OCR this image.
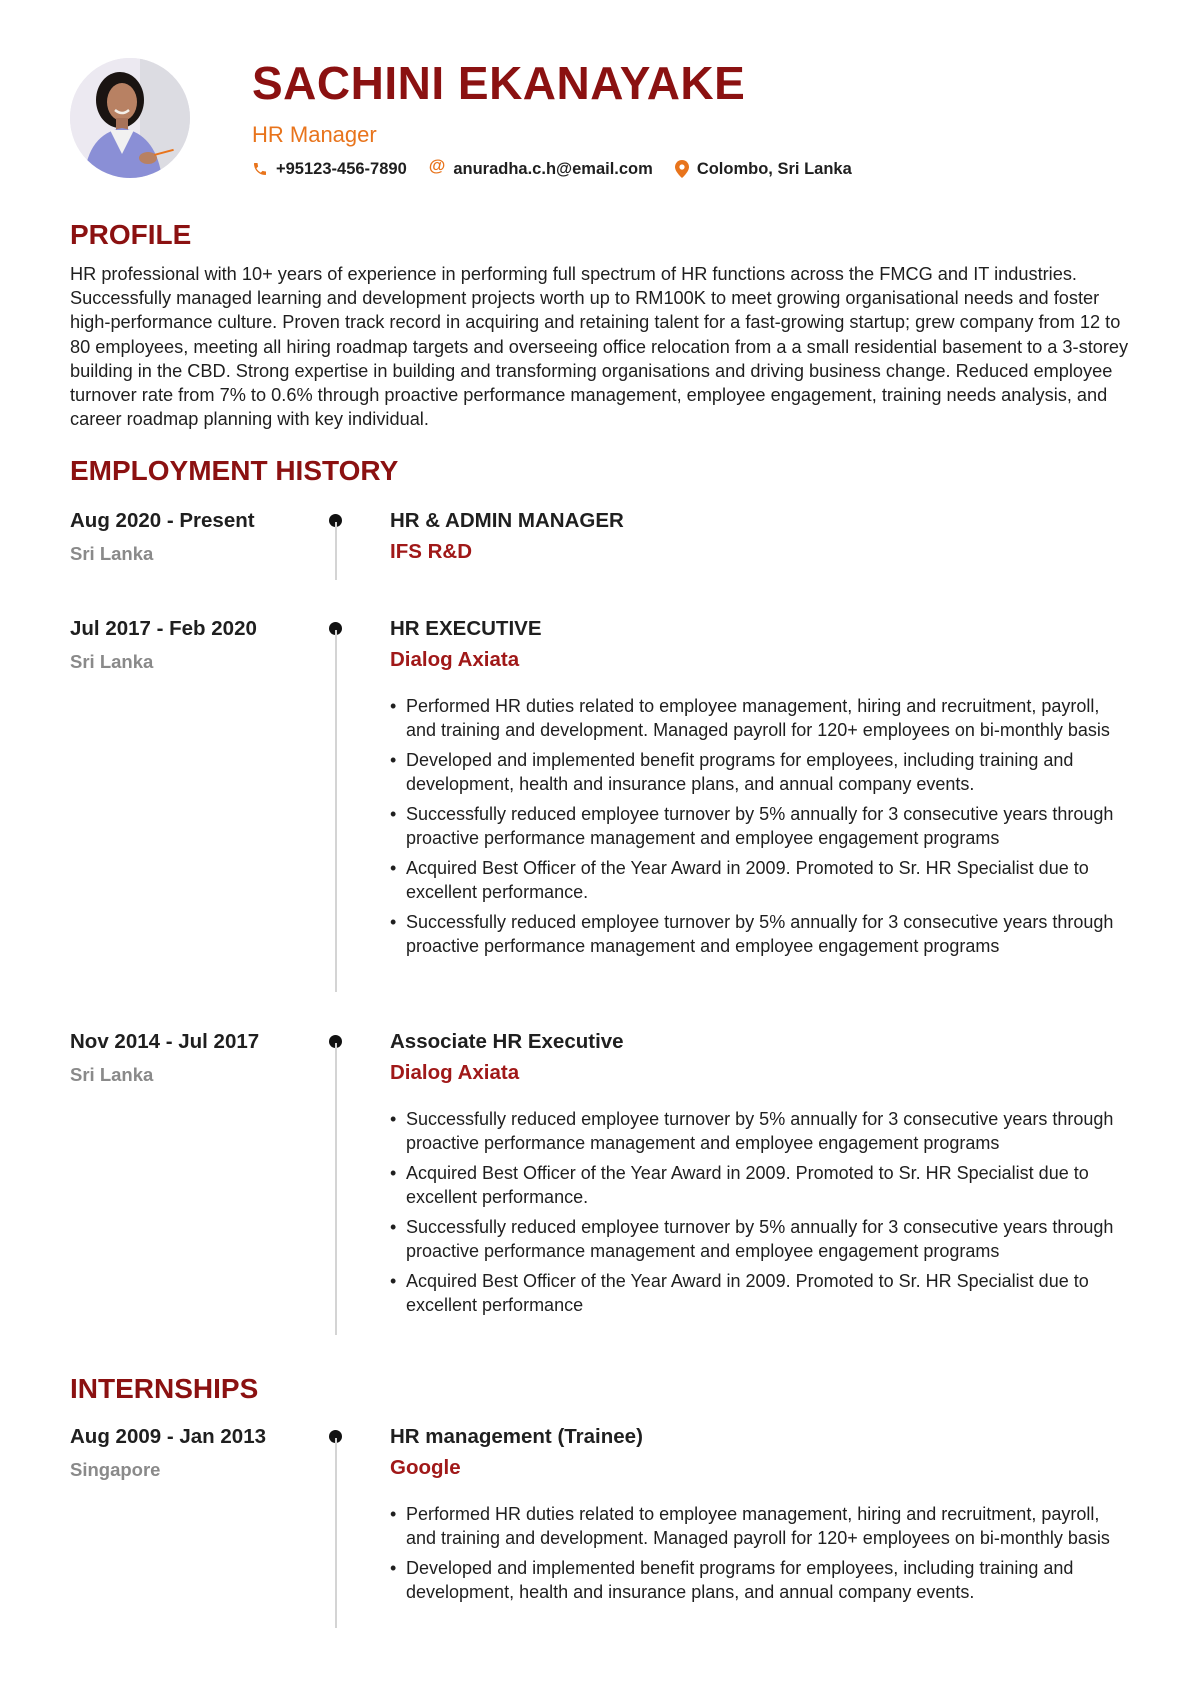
SACHINI EKANAYAKE

HR Manager

+95123-456-7890 @ anuradha.c.h@email.com	Colombo, Sri Lanka
PROFILE

HR professional with 10+ years of experience in performing full spectrum of HR functions across the FMCG and IT industries. Successfully managed learning and development projects worth up to RM100K to meet growing organisational needs and foster high-performance culture. Proven track record in acquiring and retaining talent for a fast-growing startup; grew company from 12 to 80 employees, meeting all hiring roadmap targets and overseeing office relocation from a a small residential basement to a 3-storey building in the CBD. Strong expertise in building and transforming organisations and driving business change. Reduced employee turnover rate from 7% to 0.6% through proactive performance management, employee engagement, training needs analysis, and career roadmap planning with key individual.

EMPLOYMENT HISTORY
Aug 2020 - Present
Sri Lanka
HR & ADMIN MANAGER
IFS R&D
Jul 2017 - Feb 2020
Sri Lanka
HR EXECUTIVE
Dialog Axiata
• Performed HR duties related to employee management, hiring and recruitment, payroll, and training and development. Managed payroll for 120+ employees on bi-monthly basis
• Developed and implemented benefit programs for employees, including training and development, health and insurance plans, and annual company events.
• Successfully reduced employee turnover by 5% annually for 3 consecutive years through proactive performance management and employee engagement programs
• Acquired Best Officer of the Year Award in 2009. Promoted to Sr. HR Specialist due to excellent performance.
• Successfully reduced employee turnover by 5% annually for 3 consecutive years through proactive performance management and employee engagement programs
Nov 2014 - Jul 2017
Sri Lanka
Associate HR Executive
Dialog Axiata
• Successfully reduced employee turnover by 5% annually for 3 consecutive years through proactive performance management and employee engagement programs
• Acquired Best Officer of the Year Award in 2009. Promoted to Sr. HR Specialist due to excellent performance.
• Successfully reduced employee turnover by 5% annually for 3 consecutive years through proactive performance management and employee engagement programs
• Acquired Best Officer of the Year Award in 2009. Promoted to Sr. HR Specialist due to excellent performance
INTERNSHIPS
Aug 2009 - Jan 2013
Singapore
HR management (Trainee)
Google
• Performed HR duties related to employee management, hiring and recruitment, payroll, and training and development. Managed payroll for 120+ employees on bi-monthly basis
• Developed and implemented benefit programs for employees, including training and development, health and insurance plans, and annual company events.
